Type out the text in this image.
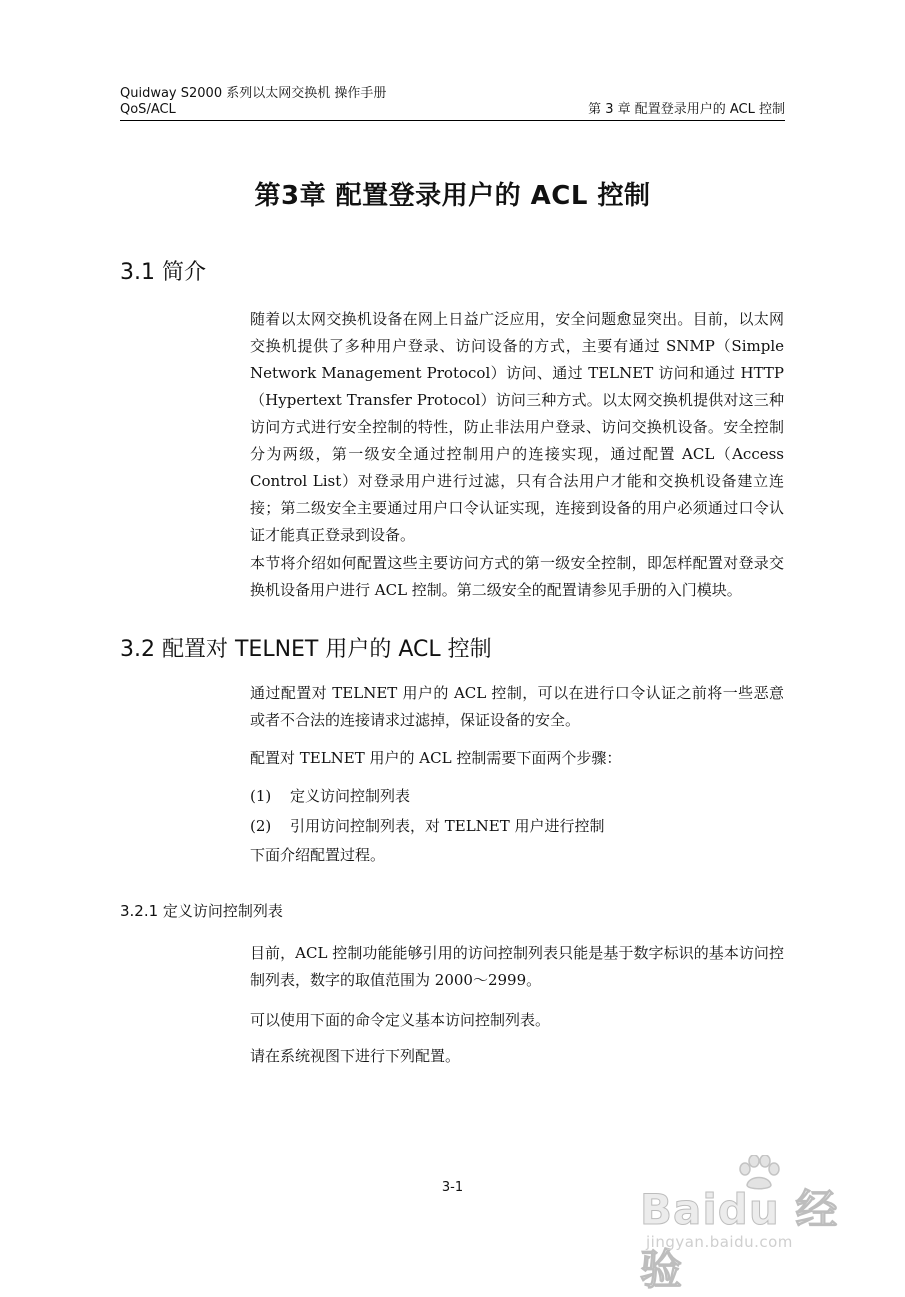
Quidway S2000 系列以太网交换机 操作手册
QoS/ACL	第 3 章 配置登录用户的 ACL 控制
第3章 配置登录用户的 ACL 控制
3.1 简介

随着以太网交换机设备在网上日益广泛应用，安全问题愈显突出。目前，以太网交换机提供了多种用户登录、访问设备的方式，主要有通过 SNMP（Simple Network Management Protocol）访问、通过 TELNET 访问和通过 HTTP（Hypertext Transfer Protocol）访问三种方式。以太网交换机提供对这三种访问方式进行安全控制的特性，防止非法用户登录、访问交换机设备。安全控制分为两级，第一级安全通过控制用户的连接实现，通过配置 ACL（Access Control List）对登录用户进行过滤，只有合法用户才能和交换机设备建立连接；第二级安全主要通过用户口令认证实现，连接到设备的用户必须通过口令认证才能真正登录到设备。

本节将介绍如何配置这些主要访问方式的第一级安全控制，即怎样配置对登录交换机设备用户进行 ACL 控制。第二级安全的配置请参见手册的入门模块。

3.2 配置对 TELNET 用户的 ACL 控制

通过配置对 TELNET 用户的 ACL 控制，可以在进行口令认证之前将一些恶意或者不合法的连接请求过滤掉，保证设备的安全。

配置对 TELNET 用户的 ACL 控制需要下面两个步骤：

(1) 定义访问控制列表
(2) 引用访问控制列表，对 TELNET 用户进行控制

下面介绍配置过程。

3.2.1 定义访问控制列表

目前，ACL 控制功能能够引用的访问控制列表只能是基于数字标识的基本访问控制列表，数字的取值范围为 2000～2999。

可以使用下面的命令定义基本访问控制列表。

请在系统视图下进行下列配置。

3-1	Baidu 经验
jingyan.baidu.com
